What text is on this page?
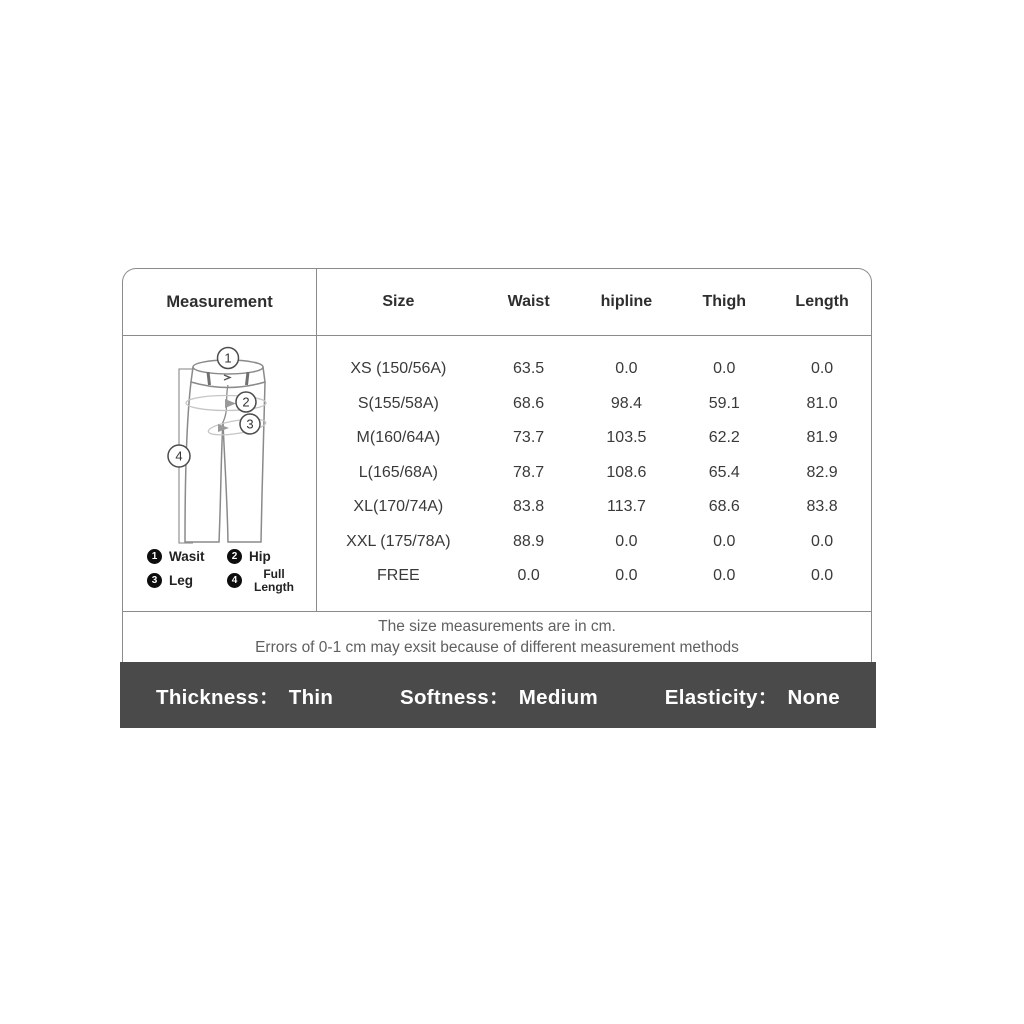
Measurement	Size	Waist	hipline	Thigh	Length
1
2
3
4
1 Wasit	2 Hip
3 Leg	4	Full Length
XS (150/56A)	63.5	0.0	0.0	0.0
S(155/58A)	68.6	98.4	59.1	81.0
M(160/64A)	73.7	103.5	62.2	81.9
L(165/68A)	78.7	108.6	65.4	82.9
XL(170/74A)	83.8	113.7	68.6	83.8
XXL (175/78A)	88.9	0.0	0.0	0.0
FREE	0.0	0.0	0.0	0.0
The size measurements are in cm.
Errors of 0-1 cm may exsit because of different measurement methods
Thickness： Thin	Softness： Medium	Elasticity： None
